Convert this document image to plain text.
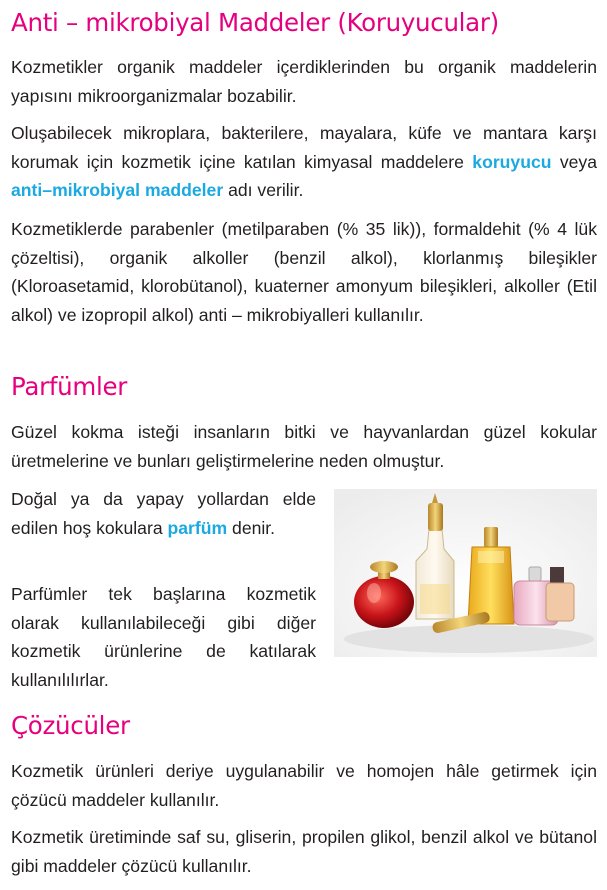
Anti – mikrobiyal Maddeler (Koruyucular)

Kozmetikler organik maddeler içerdiklerinden bu organik maddelerin yapısını mikroorganizmalar bozabilir.

Oluşabilecek mikroplara, bakterilere, mayalara, küfe ve mantara karşı korumak için kozmetik içine katılan kimyasal maddelere koruyucu veya anti–mikrobiyal maddeler adı verilir.

Kozmetiklerde parabenler (metilparaben (% 35 lik)), formaldehit (% 4 lük çözeltisi), organik alkoller (benzil alkol), klorlanmış bileşikler (Kloroasetamid, klorobütanol), kuaterner amonyum bileşikleri, alkoller (Etil alkol) ve izopropil alkol) anti – mikrobiyalleri kullanılır.

Parfümler

Güzel kokma isteği insanların bitki ve hayvanlardan güzel kokular üretmelerine ve bunları geliştirmelerine neden olmuştur.

Doğal ya da yapay yollardan elde edilen hoş kokulara parfüm denir.

Parfümler tek başlarına kozmetik olarak kullanılabileceği gibi diğer kozmetik ürünlerine de katılarak kullanılılırlar.

Çözücüler

Kozmetik ürünleri deriye uygulanabilir ve homojen hâle getirmek için çözücü maddeler kullanılır.

Kozmetik üretiminde saf su, gliserin, propilen glikol, benzil alkol ve bütanol gibi maddeler çözücü kullanılır.
